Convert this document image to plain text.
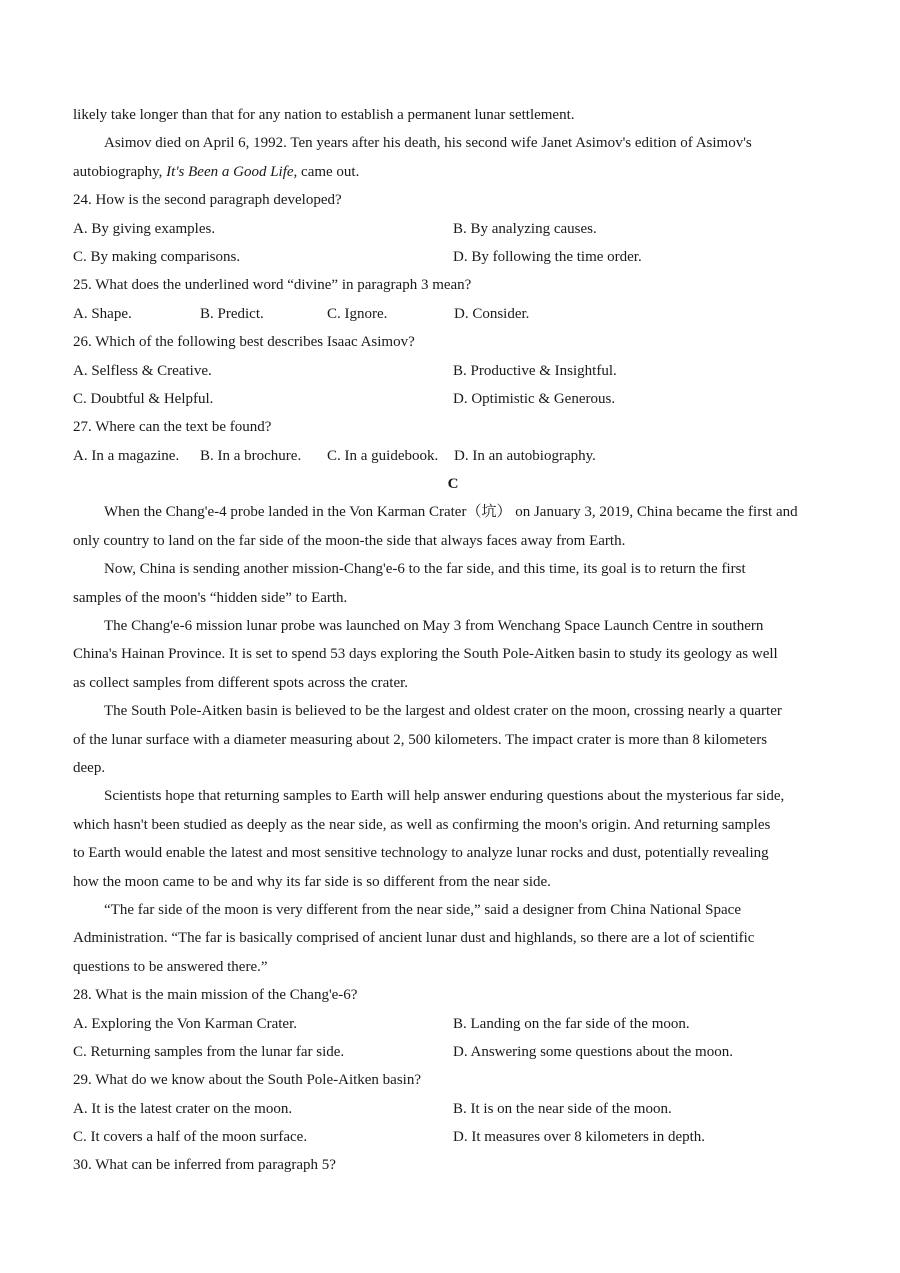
likely take longer than that for any nation to establish a permanent lunar settlement.
Asimov died on April 6, 1992. Ten years after his death, his second wife Janet Asimov's edition of Asimov's
autobiography, It's Been a Good Life, came out.
24. How is the second paragraph developed?
A. By giving examples.	B. By analyzing causes.
C. By making comparisons.	D. By following the time order.
25. What does the underlined word “divine” in paragraph 3 mean?
A. Shape.	B. Predict.	C. Ignore.	D. Consider.
26. Which of the following best describes Isaac Asimov?
A. Selfless & Creative.	B. Productive & Insightful.
C. Doubtful & Helpful.	D. Optimistic & Generous.
27. Where can the text be found?
A. In a magazine.	B. In a brochure.	C. In a guidebook.	D. In an autobiography.
C
When the Chang'e-4 probe landed in the Von Karman Crater（坑） on January 3, 2019, China became the first and
only country to land on the far side of the moon-the side that always faces away from Earth.
Now, China is sending another mission-Chang'e-6 to the far side, and this time, its goal is to return the first
samples of the moon's “hidden side” to Earth.
The Chang'e-6 mission lunar probe was launched on May 3 from Wenchang Space Launch Centre in southern
China's Hainan Province. It is set to spend 53 days exploring the South Pole-Aitken basin to study its geology as well
as collect samples from different spots across the crater.
The South Pole-Aitken basin is believed to be the largest and oldest crater on the moon, crossing nearly a quarter
of the lunar surface with a diameter measuring about 2, 500 kilometers. The impact crater is more than 8 kilometers
deep.
Scientists hope that returning samples to Earth will help answer enduring questions about the mysterious far side,
which hasn't been studied as deeply as the near side, as well as confirming the moon's origin. And returning samples
to Earth would enable the latest and most sensitive technology to analyze lunar rocks and dust, potentially revealing
how the moon came to be and why its far side is so different from the near side.
“The far side of the moon is very different from the near side,” said a designer from China National Space
Administration. “The far is basically comprised of ancient lunar dust and highlands, so there are a lot of scientific
questions to be answered there.”
28. What is the main mission of the Chang'e-6?
A. Exploring the Von Karman Crater.	B. Landing on the far side of the moon.
C. Returning samples from the lunar far side.	D. Answering some questions about the moon.
29. What do we know about the South Pole-Aitken basin?
A. It is the latest crater on the moon.	B. It is on the near side of the moon.
C. It covers a half of the moon surface.	D. It measures over 8 kilometers in depth.
30. What can be inferred from paragraph 5?
